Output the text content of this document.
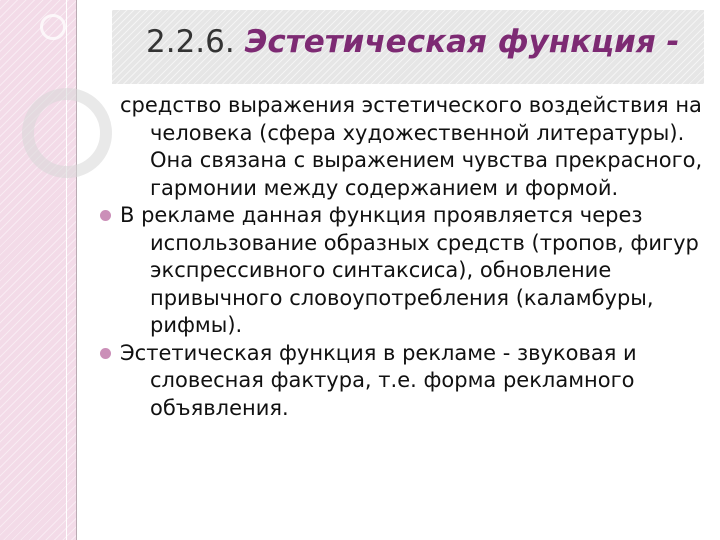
2.2.6. Эстетическая функция -

средство выражения эстетического воздействия на человека (сфера художественной литературы). Она связана с выражением чувства прекрасного, гармонии между содержанием и формой.

В рекламе данная функция проявляется через использование образных средств (тропов, фигур экспрессивного синтаксиса), обновление привычного словоупотребления (каламбуры, рифмы).

Эстетическая функция в рекламе - звуковая и словесная фактура, т.е. форма рекламного объявления.
